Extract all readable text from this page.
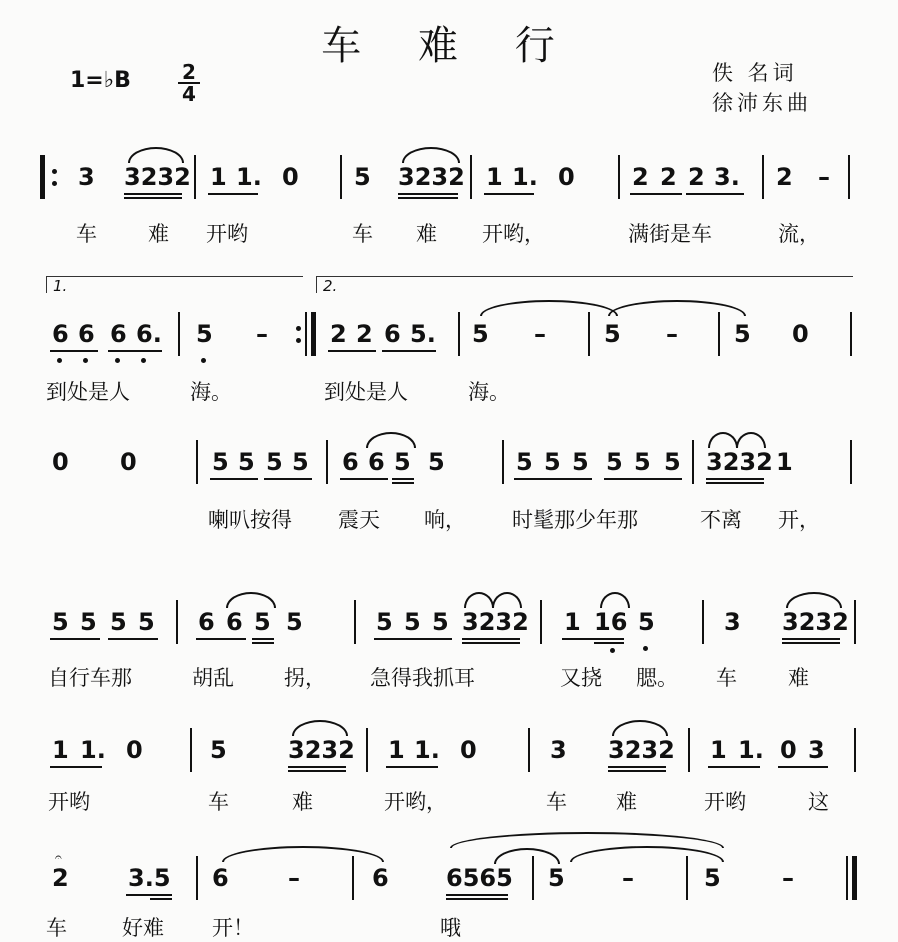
车 难 行
1=♭B	2
4
佚 名词
徐沛东曲
3 3232 1 1. 0 5 3232 1 1. 0 2 2 2 3. 2 –
车 难 开哟	车 难 开哟，	满街是车	流，
1.	2.
6 6 6 6. 5 –	2 2 6 5. 5 – 5 – 5 0
到处是人	海。	到处是人	海。
0 0	5 5 5 5 6 6 5 5	5 5 5 5 5 5 3232 1
喇叭按得 震天 响， 时髦那少年那	不离 开，
5 5 5 5 6 6 5 5	5 5 5 3232 1 16 5	3 3232
自行车那	胡乱 拐， 急得我抓耳	又挠 腮。 车 难
1 1. 0	5	3232 1 1. 0	3 3232 1 1. 0 3
开哟	车	难	开哟，	车 难	开哟	这
𝄐
2 3.5 6 –	6 6565 5 –	5	–
车	好难 开！	哦
